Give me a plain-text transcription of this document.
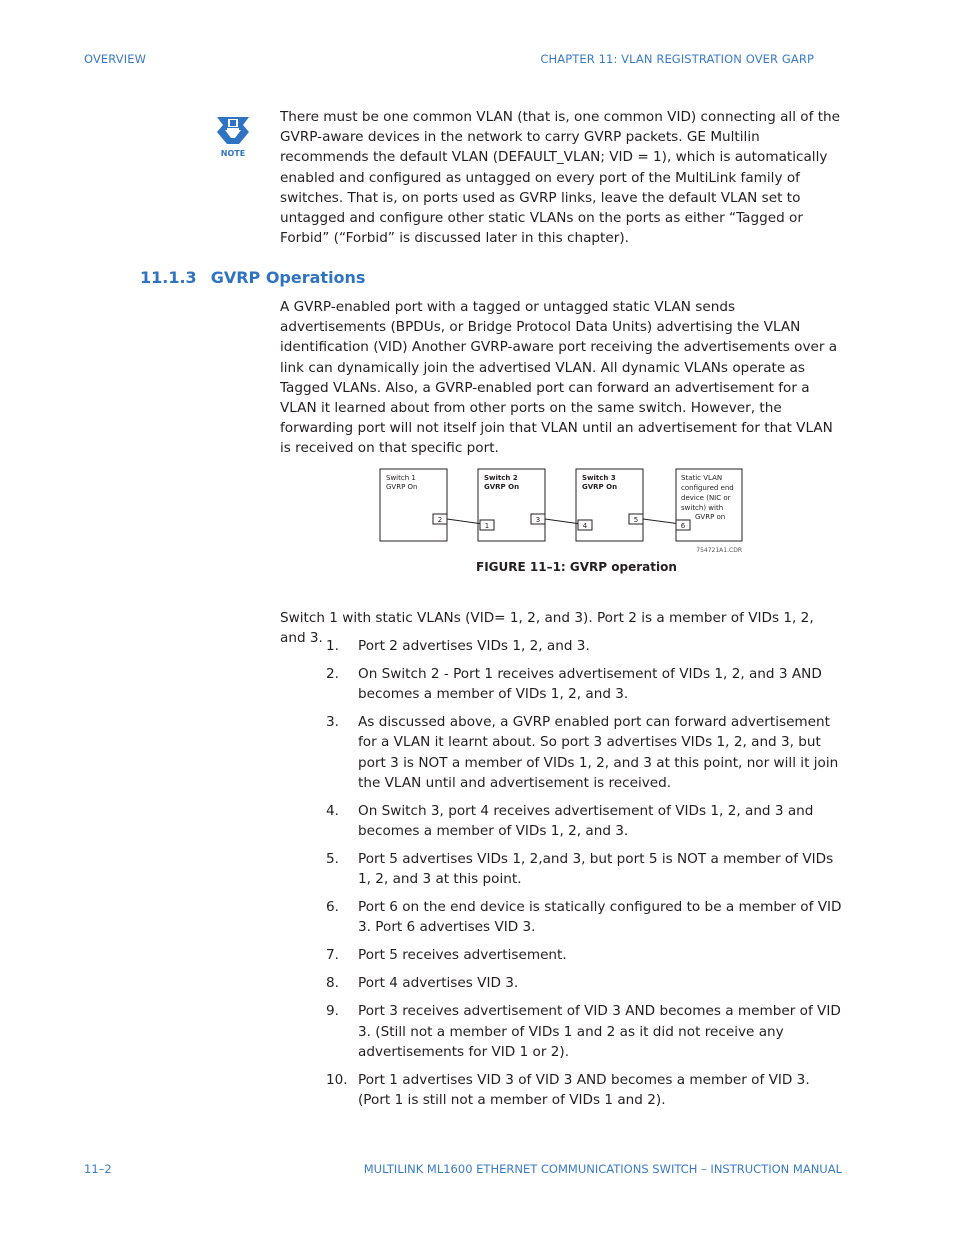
OVERVIEW	CHAPTER 11: VLAN REGISTRATION OVER GARP
NOTE
There must be one common VLAN (that is, one common VID) connecting all of the GVRP-aware devices in the network to carry GVRP packets. GE Multilin recommends the default VLAN (DEFAULT_VLAN; VID = 1), which is automatically enabled and configured as untagged on every port of the MultiLink family of switches. That is, on ports used as GVRP links, leave the default VLAN set to untagged and configure other static VLANs on the ports as either “Tagged or Forbid” (“Forbid” is discussed later in this chapter).
11.1.3 GVRP Operations
A GVRP-enabled port with a tagged or untagged static VLAN sends advertisements (BPDUs, or Bridge Protocol Data Units) advertising the VLAN identification (VID) Another GVRP-aware port receiving the advertisements over a link can dynamically join the advertised VLAN. All dynamic VLANs operate as Tagged VLANs. Also, a GVRP-enabled port can forward an advertisement for a VLAN it learned about from other ports on the same switch. However, the forwarding port will not itself join that VLAN until an advertisement for that VLAN is received on that specific port.
Switch 1
GVRP On
Switch 2
GVRP On
Switch 3
GVRP On
Static VLAN
configured end
device (NIC or
switch) with
GVRP on
2
1
3
4
5
6
754721A1.CDR
FIGURE 11–1: GVRP operation
Switch 1 with static VLANs (VID= 1, 2, and 3). Port 2 is a member of VIDs 1, 2, and 3. 1. Port 2 advertises VIDs 1, 2, and 3.
2. On Switch 2 - Port 1 receives advertisement of VIDs 1, 2, and 3 AND becomes a member of VIDs 1, 2, and 3.
3. As discussed above, a GVRP enabled port can forward advertisement for a VLAN it learnt about. So port 3 advertises VIDs 1, 2, and 3, but port 3 is NOT a member of VIDs 1, 2, and 3 at this point, nor will it join the VLAN until and advertisement is received.
4. On Switch 3, port 4 receives advertisement of VIDs 1, 2, and 3 and becomes a member of VIDs 1, 2, and 3.
5. Port 5 advertises VIDs 1, 2,and 3, but port 5 is NOT a member of VIDs 1, 2, and 3 at this point.
6. Port 6 on the end device is statically configured to be a member of VID 3. Port 6 advertises VID 3.
7. Port 5 receives advertisement.
8. Port 4 advertises VID 3.
9. Port 3 receives advertisement of VID 3 AND becomes a member of VID 3. (Still not a member of VIDs 1 and 2 as it did not receive any advertisements for VID 1 or 2).
10. Port 1 advertises VID 3 of VID 3 AND becomes a member of VID 3. (Port 1 is still not a member of VIDs 1 and 2).
11–2	MULTILINK ML1600 ETHERNET COMMUNICATIONS SWITCH – INSTRUCTION MANUAL
